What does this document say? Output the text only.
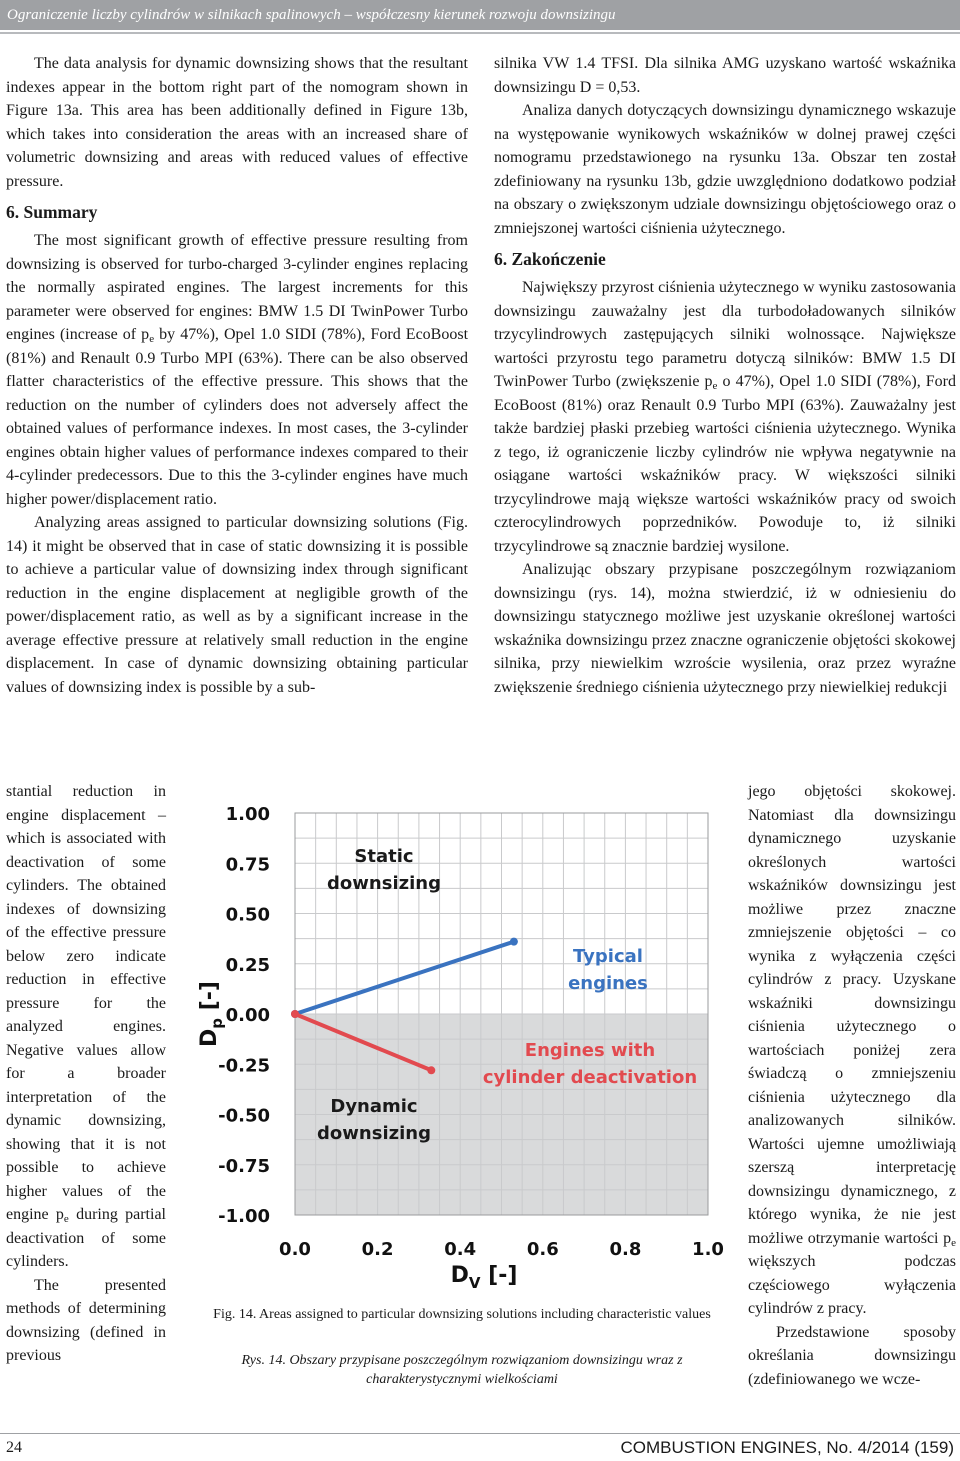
Ograniczenie liczby cylindrów w silnikach spalinowych – współczesny kierunek rozwoju downsizingu

The data analysis for dynamic downsizing shows that the resultant indexes appear in the bottom right part of the nomogram shown in Figure 13a. This area has been additionally defined in Figure 13b, which takes into consideration the areas with an increased share of volumetric downsizing and areas with reduced values of effective pressure.

6. Summary

The most significant growth of effective pressure resulting from downsizing is observed for turbo-charged 3-cylinder engines replacing the normally aspirated engines. The largest increments for this parameter were observed for engines: BMW 1.5 DI TwinPower Turbo engines (increase of $p_e$ by 47%), Opel 1.0 SIDI (78%), Ford EcoBoost (81%) and Renault 0.9 Turbo MPI (63%). There can be also observed flatter characteristics of the effective pressure. This shows that the reduction on the number of cylinders does not adversely affect the obtained values of performance indexes. In most cases, the 3-cylinder engines obtain higher values of performance indexes compared to their 4-cylinder predecessors. Due to this the 3-cylinder engines have much higher power/displacement ratio.

Analyzing areas assigned to particular downsizing solutions (Fig. 14) it might be observed that in case of static downsizing it is possible to achieve a particular value of downsizing index through significant reduction in the engine displacement at negligible growth of the power/displacement ratio, as well as by a significant increase in the average effective pressure at relatively small reduction in the engine displacement. In case of dynamic downsizing obtaining particular values of downsizing index is possible by a sub-

stantial reduction in engine displacement – which is associated with deactivation of some cylinders. The obtained indexes of downsizing of the effective pressure below zero indicate reduction in effective pressure for the analyzed engines. Negative values allow for a broader interpretation of the dynamic downsizing, showing that it is not possible to achieve higher values of the engine $p_e$ during partial deactivation of some cylinders.

The presented methods of determining downsizing (defined in previous

silnika VW 1.4 TFSI. Dla silnika AMG uzyskano wartość wskaźnika downsizingu D = 0,53.

Analiza danych dotyczących downsizingu dynamicznego wskazuje na występowanie wynikowych wskaźników w dolnej prawej części nomogramu przedstawionego na rysunku 13a. Obszar ten został zdefiniowany na rysunku 13b, gdzie uwzględniono dodatkowo podział na obszary o zwiększonym udziale downsizingu objętościowego oraz o zmniejszonej wartości ciśnienia użytecznego.

6. Zakończenie

Największy przyrost ciśnienia użytecznego w wyniku zastosowania downsizingu zauważalny jest dla turbodoładowanych silników trzycylindrowych zastępujących silniki wolnossące. Największe wartości przyrostu tego parametru dotyczą silników: BMW 1.5 DI TwinPower Turbo (zwiększenie $p_e$ o 47%), Opel 1.0 SIDI (78%), Ford EcoBoost (81%) oraz Renault 0.9 Turbo MPI (63%). Zauważalny jest także bardziej płaski przebieg wartości ciśnienia użytecznego. Wynika z tego, iż ograniczenie liczby cylindrów nie wpływa negatywnie na osiągane wartości wskaźników pracy. W większości silniki trzycylindrowe mają większe wartości wskaźników pracy od swoich czterocylindrowych poprzedników. Powoduje to, iż silniki trzycylindrowe są znacznie bardziej wysilone.

Analizując obszary przypisane poszczególnym rozwiązaniom downsizingu (rys. 14), można stwierdzić, iż w odniesieniu do downsizingu statycznego możliwe jest uzyskanie określonej wartości wskaźnika downsizingu przez znaczne ograniczenie objętości skokowej silnika, przy niewielkim wzroście wysilenia, oraz przez wyraźne zwiększenie średniego ciśnienia użytecznego przy niewielkiej redukcji

jego objętości skokowej. Natomiast dla downsizingu dynamicznego uzyskanie określonych wartości wskaźników downsizingu jest możliwe przez znaczne zmniejszenie objętości – co wynika z wyłączenia części cylindrów z pracy. Uzyskane wskaźniki downsizingu ciśnienia użytecznego o wartościach poniżej zera świadczą o zmniejszeniu ciśnienia użytecznego dla analizowanych silników. Wartości ujemne umożliwiają szerszą interpretację downsizingu dynamicznego, z którego wynika, że nie jest możliwe otrzymanie wartości $p_e$ większych podczas częściowego wyłączenia cylindrów z pracy.

Przedstawione sposoby określania downsizingu (zdefiniowanego we wcze-

1.00
0.75
0.50
0.25
0.00
-0.25
-0.50
-0.75
-1.00
0.0	0.2	0.4	0.6	0.8	1.0
$D_V$ [-]
$D_p$ [-]
Static downsizing
Typical engines
Engines with cylinder deactivation
Dynamic downsizing
Fig. 14. Areas assigned to particular downsizing solutions including characteristic values
Rys. 14. Obszary przypisane poszczególnym rozwiązaniom downsizingu wraz z charakterystycznymi wielkościami
24	COMBUSTION ENGINES, No. 4/2014 (159)
